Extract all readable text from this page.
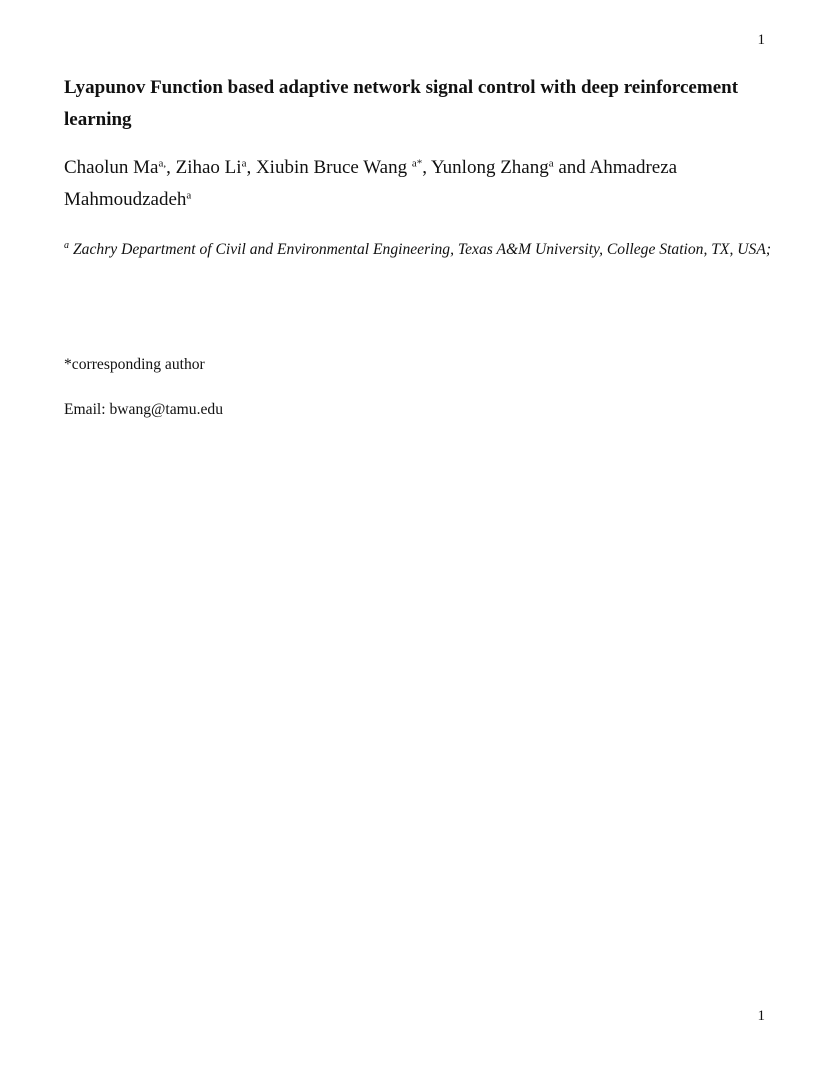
1
Lyapunov Function based adaptive network signal control with deep reinforcement learning

Chaolun $Ma^{a,}$, Zihao Li$^a$, Xiubin Bruce Wang $^{a*}$, Yunlong Zhang$^a$ and Ahmadreza Mahmoudzadeh$^a$

$^a$ Zachry Department of Civil and Environmental Engineering, Texas A&M University, College Station, TX, USA;

*corresponding author

Email: bwang@tamu.edu

1
